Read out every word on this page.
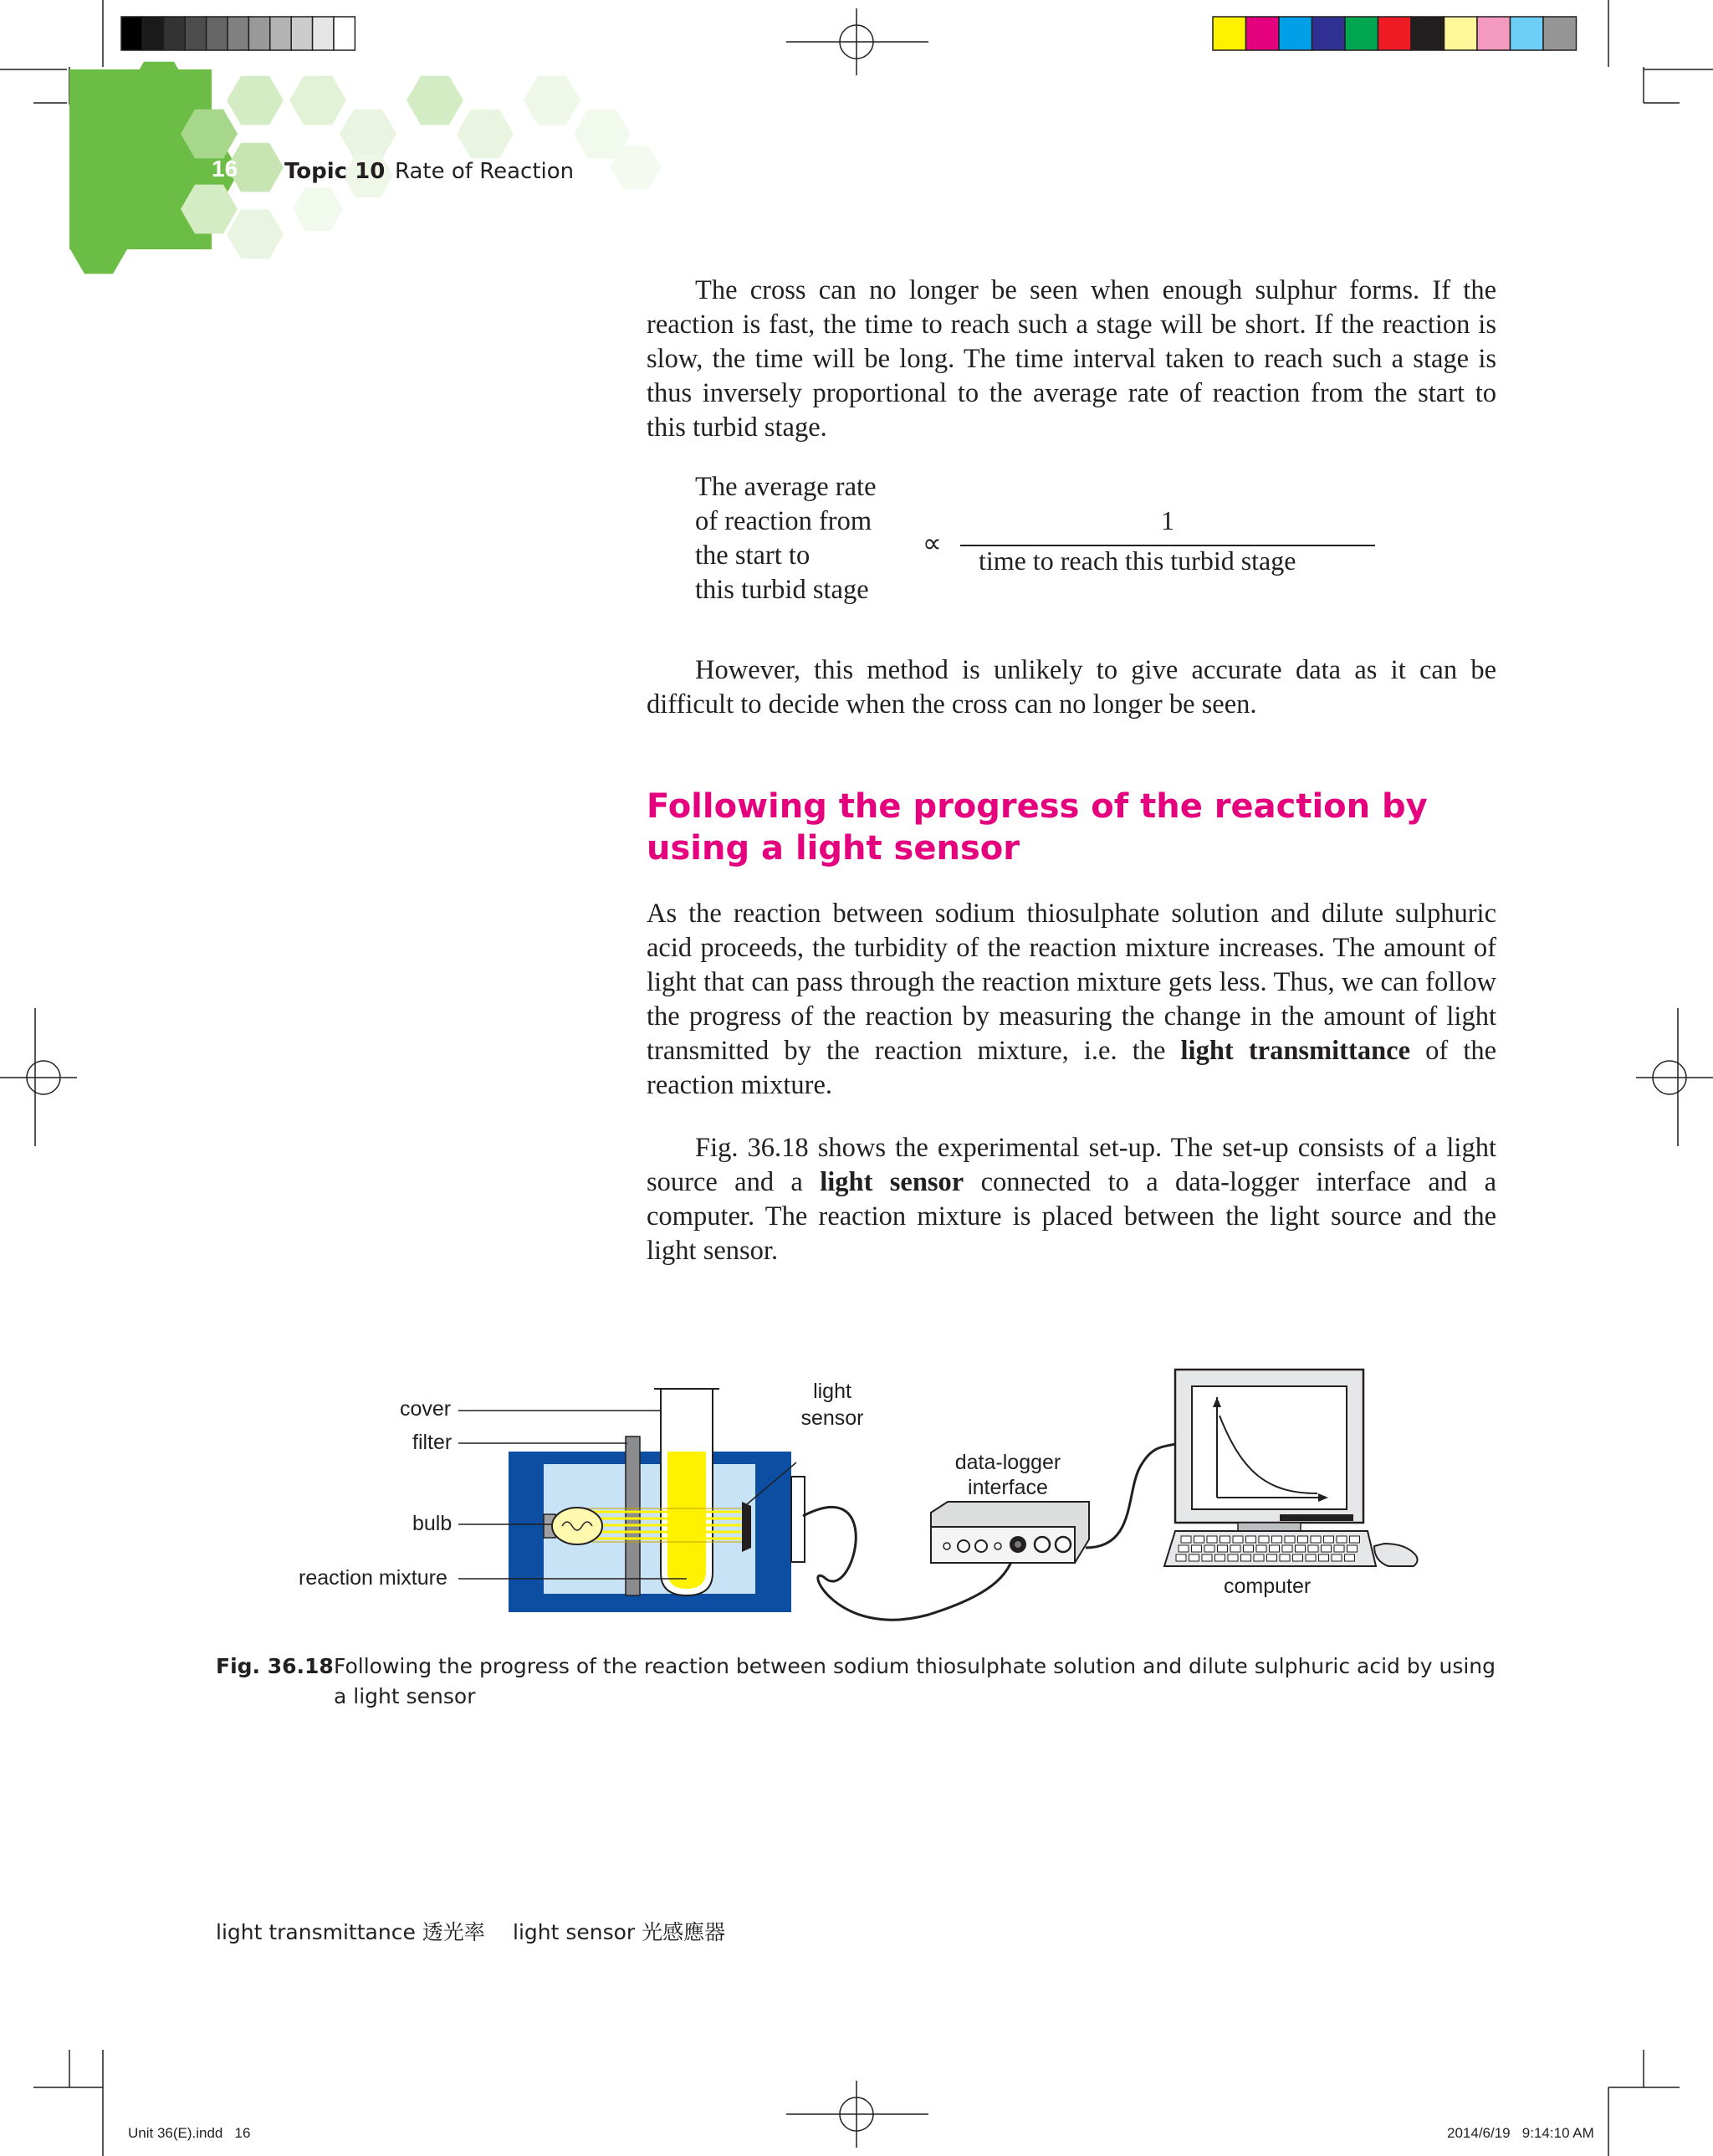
16 Topic 10 Rate of Reaction

The cross can no longer be seen when enough sulphur forms. If the reaction is fast, the time to reach such a stage will be short. If the reaction is slow, the time will be long. The time interval taken to reach such a stage is thus inversely proportional to the average rate of reaction from the start to this turbid stage.

The average rate
of reaction from
the start to
this turbid stage
∝
1
time to reach this turbid stage

However, this method is unlikely to give accurate data as it can be difficult to decide when the cross can no longer be seen.

Following the progress of the reaction by
using a light sensor

As the reaction between sodium thiosulphate solution and dilute sulphuric acid proceeds, the turbidity of the reaction mixture increases. The amount of light that can pass through the reaction mixture gets less. Thus, we can follow the progress of the reaction by measuring the change in the amount of light transmitted by the reaction mixture, i.e. the light transmittance of the reaction mixture.

Fig. 36.18 shows the experimental set-up. The set-up consists of a light source and a light sensor connected to a data-logger interface and a computer. The reaction mixture is placed between the light source and the light sensor.

cover
filter
bulb
reaction mixture
light
sensor
data-logger
interface
computer
Fig. 36.18 Following the progress of the reaction between sodium thiosulphate solution and dilute sulphuric acid by using a light sensor
light transmittance 透光率 light sensor 光感應器
Unit 36(E).indd   16	2014/6/19   9:14:10 AM
